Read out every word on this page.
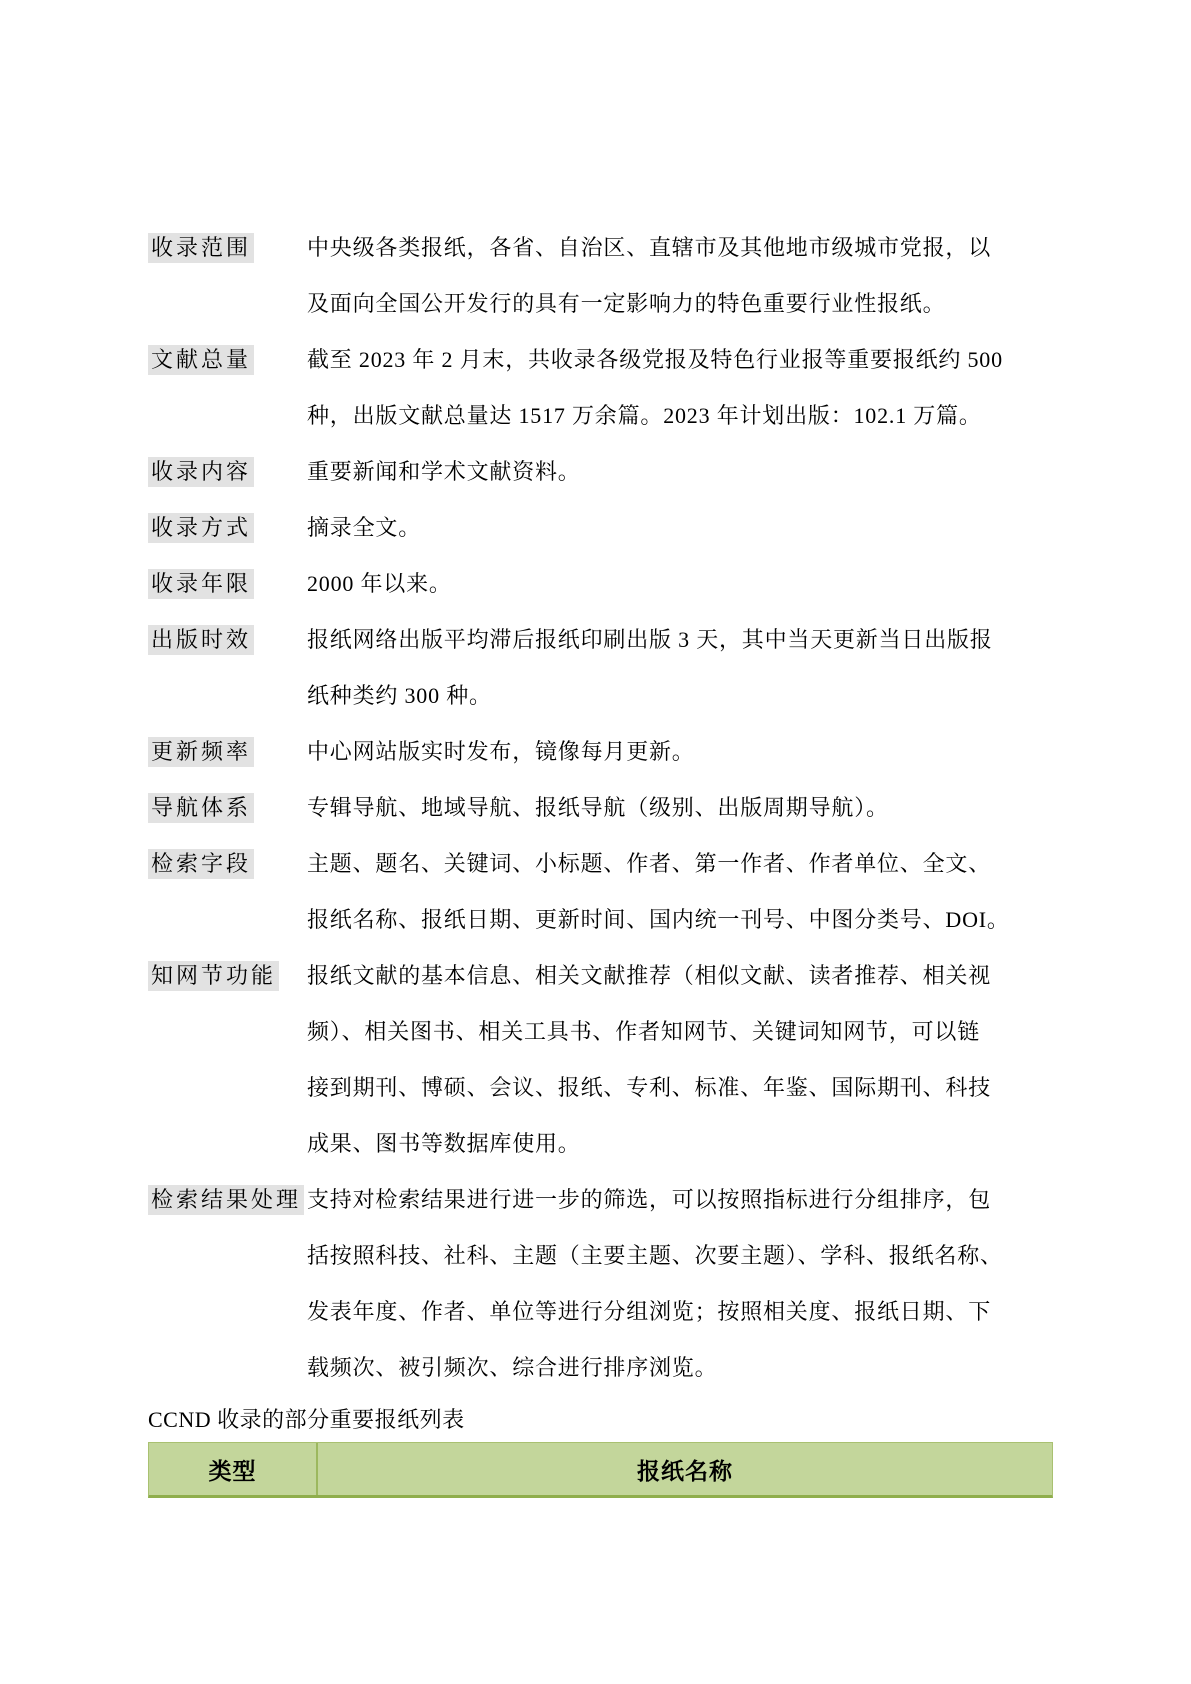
收录范围	中央级各类报纸，各省、自治区、直辖市及其他地市级城市党报，以
及面向全国公开发行的具有一定影响力的特色重要行业性报纸。
文献总量	截至 2023 年 2 月末，共收录各级党报及特色行业报等重要报纸约 500
种，出版文献总量达 1517 万余篇。2023 年计划出版：102.1 万篇。
收录内容	重要新闻和学术文献资料。
收录方式	摘录全文。
收录年限	2000 年以来。
出版时效	报纸网络出版平均滞后报纸印刷出版 3 天，其中当天更新当日出版报
纸种类约 300 种。
更新频率	中心网站版实时发布，镜像每月更新。
导航体系	专辑导航、地域导航、报纸导航（级别、出版周期导航）。
检索字段	主题、题名、关键词、小标题、作者、第一作者、作者单位、全文、
报纸名称、报纸日期、更新时间、国内统一刊号、中图分类号、DOI。
知网节功能	报纸文献的基本信息、相关文献推荐（相似文献、读者推荐、相关视
频）、相关图书、相关工具书、作者知网节、关键词知网节，可以链
接到期刊、博硕、会议、报纸、专利、标准、年鉴、国际期刊、科技
成果、图书等数据库使用。
检索结果处理 支持对检索结果进行进一步的筛选，可以按照指标进行分组排序，包
括按照科技、社科、主题（主要主题、次要主题）、学科、报纸名称、
发表年度、作者、单位等进行分组浏览；按照相关度、报纸日期、下
载频次、被引频次、综合进行排序浏览。
CCND 收录的部分重要报纸列表
类型	报纸名称
